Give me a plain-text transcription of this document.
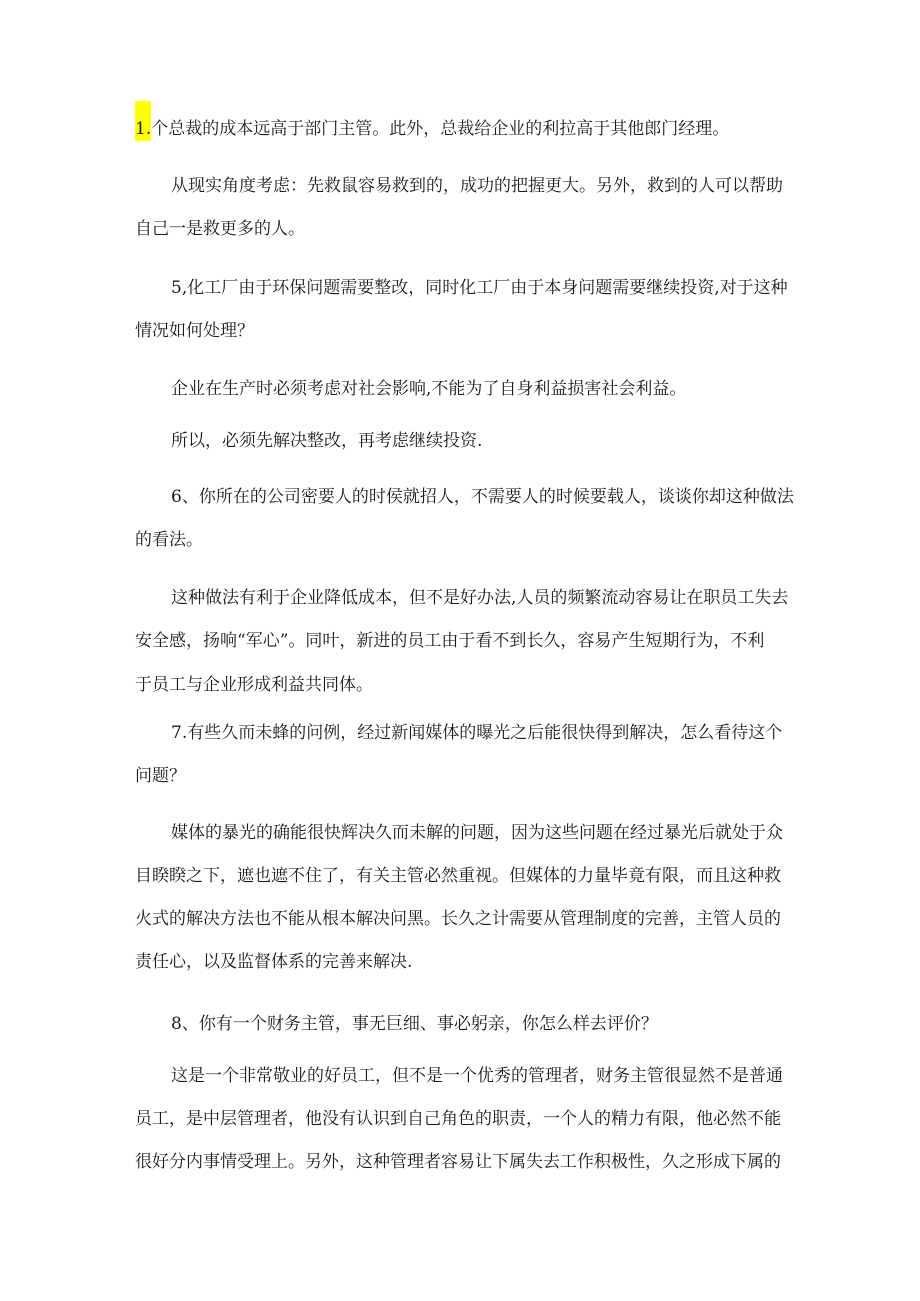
1.个总裁的成本远高于部门主管。此外，总裁给企业的利拉高于其他郎门经理。
从现实角度考虑：先救鼠容易救到的，成功的把握更大。另外，救到的人可以帮助
自己一是救更多的人。
5,化工厂由于环保问题需要整改，同时化工厂由于本身问题需要继续投资,对于这种
情况如何处理？
企业在生产时必须考虑对社会影响,不能为了自身利益损害社会利益。
所以，必须先解决整改，再考虑继续投资.
6、你所在的公司密要人的时侯就招人，不需要人的时候要载人，谈谈你却这种做法
的看法。
这种做法有利于企业降低成本，但不是好办法,人员的频繁流动容易让在职员工失去
安全感，扬响“军心”。同叶，新进的员工由于看不到长久，容易产生短期行为，不利
于员工与企业形成利益共同体。
7.有些久而未蜂的问例，经过新闻媒体的曝光之后能很快得到解决，怎么看待这个
问题？
媒体的暴光的确能很快辉决久而未解的问题，因为这些问题在经过暴光后就处于众
目睽睽之下，遮也遮不住了，有关主管必然重视。但媒体的力量毕竟有限，而且这种救
火式的解决方法也不能从根本解决问黑。长久之计需要从管理制度的完善，主管人员的
责任心，以及监督体系的完善来解决.
8、你有一个财务主管，事无巨细、事必躬亲，你怎么样去评价？
这是一个非常敬业的好员工，但不是一个优秀的管理者，财务主管很显然不是普通
员工，是中层管理者，他没有认识到自己角色的职责，一个人的精力有限，他必然不能
很好分内事情受理上。另外，这种管理者容易让下属失去工作积极性，久之形成下属的
